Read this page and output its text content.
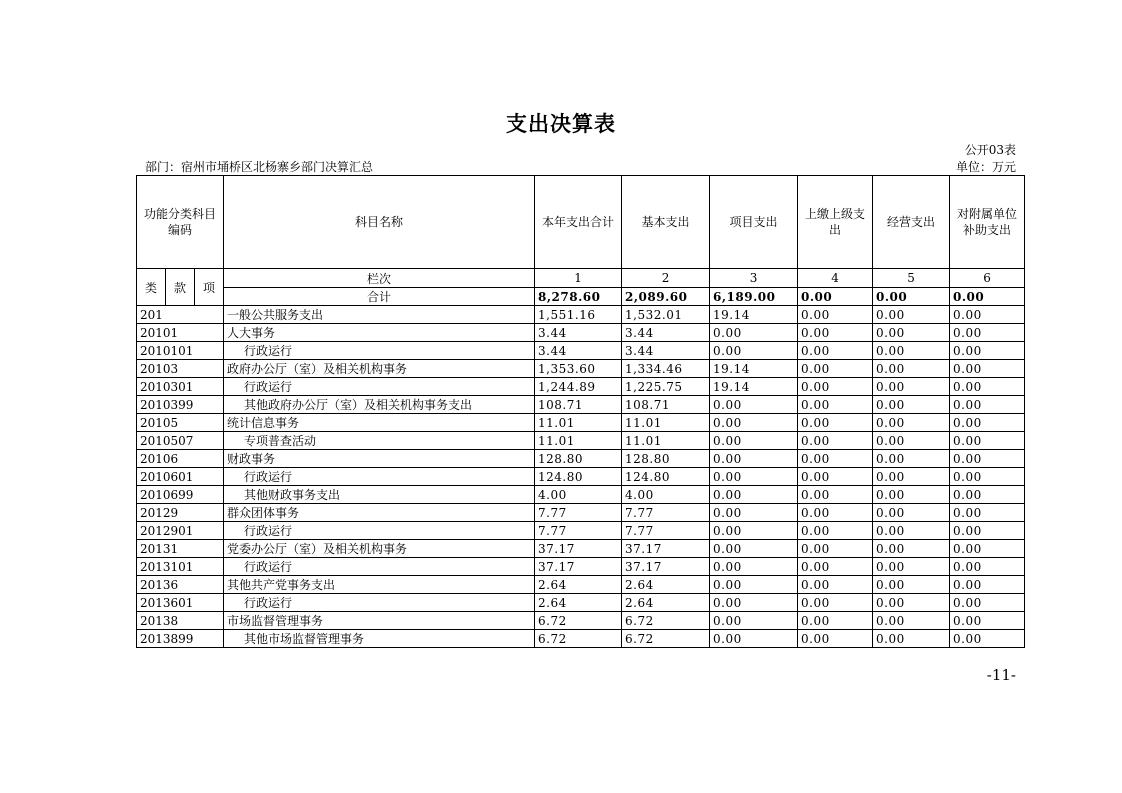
支出决算表
公开03表
部门：宿州市埇桥区北杨寨乡部门决算汇总	单位：万元
功能分类科目编码			科目名称	本年支出合计	基本支出	项目支出	上缴上级支出	经营支出	对附属单位补助支出
类	款	项	栏次	1	2	3	4	5	6
			合计	8,278.60	2,089.60	6,189.00	0.00	0.00	0.00
201			一般公共服务支出	1,551.16	1,532.01	19.14	0.00	0.00	0.00
20101			人大事务	3.44	3.44	0.00	0.00	0.00	0.00
2010101			行政运行	3.44	3.44	0.00	0.00	0.00	0.00
20103			政府办公厅（室）及相关机构事务	1,353.60	1,334.46	19.14	0.00	0.00	0.00
2010301			行政运行	1,244.89	1,225.75	19.14	0.00	0.00	0.00
2010399			其他政府办公厅（室）及相关机构事务支出	108.71	108.71	0.00	0.00	0.00	0.00
20105			统计信息事务	11.01	11.01	0.00	0.00	0.00	0.00
2010507			专项普查活动	11.01	11.01	0.00	0.00	0.00	0.00
20106			财政事务	128.80	128.80	0.00	0.00	0.00	0.00
2010601			行政运行	124.80	124.80	0.00	0.00	0.00	0.00
2010699			其他财政事务支出	4.00	4.00	0.00	0.00	0.00	0.00
20129			群众团体事务	7.77	7.77	0.00	0.00	0.00	0.00
2012901			行政运行	7.77	7.77	0.00	0.00	0.00	0.00
20131			党委办公厅（室）及相关机构事务	37.17	37.17	0.00	0.00	0.00	0.00
2013101			行政运行	37.17	37.17	0.00	0.00	0.00	0.00
20136			其他共产党事务支出	2.64	2.64	0.00	0.00	0.00	0.00
2013601			行政运行	2.64	2.64	0.00	0.00	0.00	0.00
20138			市场监督管理事务	6.72	6.72	0.00	0.00	0.00	0.00
2013899			其他市场监督管理事务	6.72	6.72	0.00	0.00	0.00	0.00
-11-
